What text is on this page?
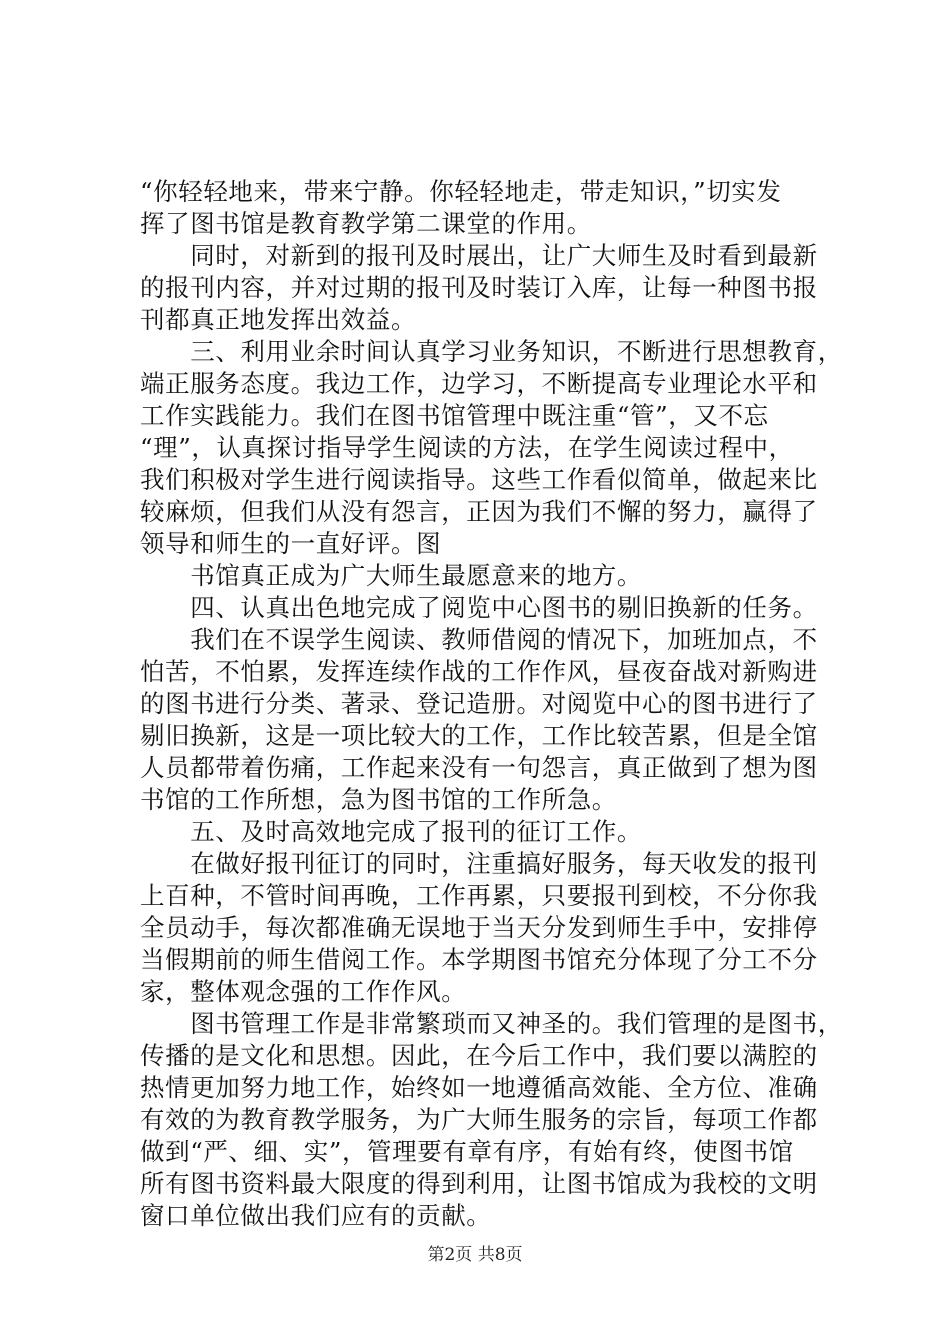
“你轻轻地来，带来宁静。你轻轻地走，带走知识，”切实发
挥了图书馆是教育教学第二课堂的作用。
　　同时，对新到的报刊及时展出，让广大师生及时看到最新
的报刊内容，并对过期的报刊及时装订入库，让每一种图书报
刊都真正地发挥出效益。
　　三、利用业余时间认真学习业务知识，不断进行思想教育，
端正服务态度。我边工作，边学习，不断提高专业理论水平和
工作实践能力。我们在图书馆管理中既注重“管”，又不忘
“理”，认真探讨指导学生阅读的方法，在学生阅读过程中，
我们积极对学生进行阅读指导。这些工作看似简单，做起来比
较麻烦，但我们从没有怨言，正因为我们不懈的努力，赢得了
领导和师生的一直好评。图
　　书馆真正成为广大师生最愿意来的地方。
　　四、认真出色地完成了阅览中心图书的剔旧换新的任务。
　　我们在不误学生阅读、教师借阅的情况下，加班加点，不
怕苦，不怕累，发挥连续作战的工作作风，昼夜奋战对新购进
的图书进行分类、著录、登记造册。对阅览中心的图书进行了
剔旧换新，这是一项比较大的工作，工作比较苦累，但是全馆
人员都带着伤痛，工作起来没有一句怨言，真正做到了想为图
书馆的工作所想，急为图书馆的工作所急。
　　五、及时高效地完成了报刊的征订工作。
　　在做好报刊征订的同时，注重搞好服务，每天收发的报刊
上百种，不管时间再晚，工作再累，只要报刊到校，不分你我
全员动手，每次都准确无误地于当天分发到师生手中，安排停
当假期前的师生借阅工作。本学期图书馆充分体现了分工不分
家，整体观念强的工作作风。
　　图书管理工作是非常繁琐而又神圣的。我们管理的是图书，
传播的是文化和思想。因此，在今后工作中，我们要以满腔的
热情更加努力地工作，始终如一地遵循高效能、全方位、准确
有效的为教育教学服务，为广大师生服务的宗旨，每项工作都
做到“严、细、实”，管理要有章有序，有始有终，使图书馆
所有图书资料最大限度的得到利用，让图书馆成为我校的文明
窗口单位做出我们应有的贡献。
第2页 共8页
